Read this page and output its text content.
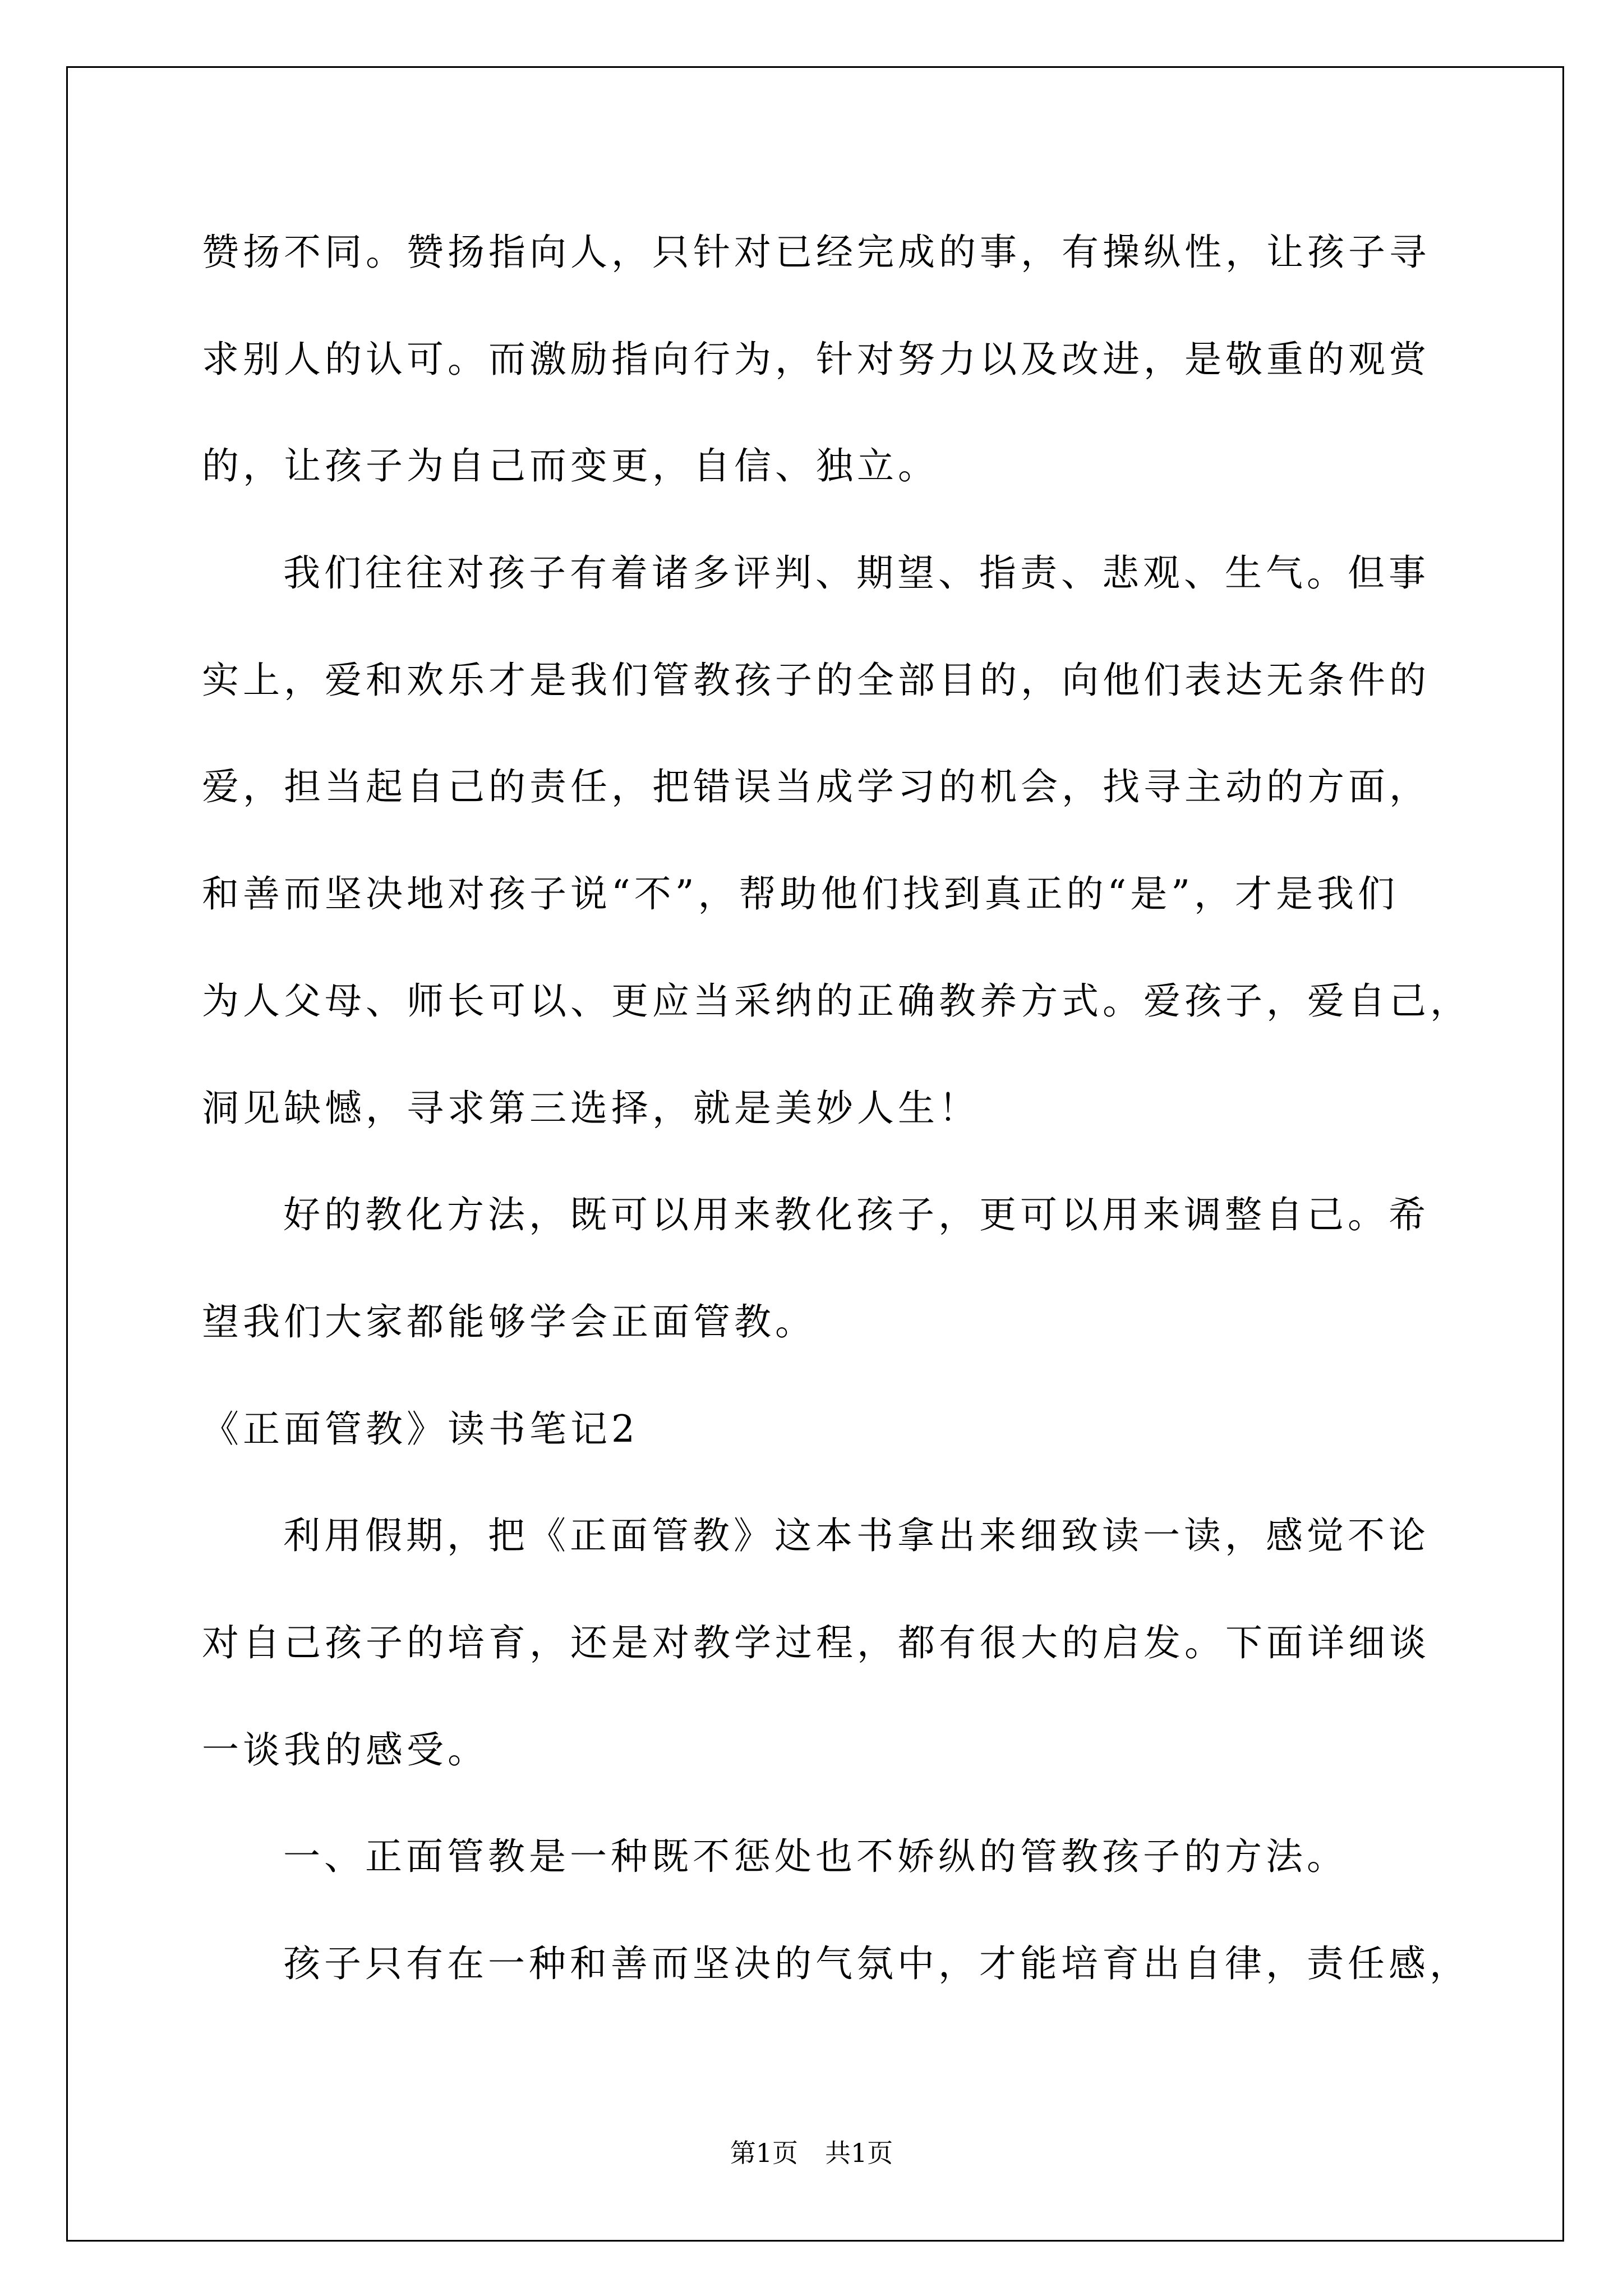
赞扬不同。赞扬指向人，只针对已经完成的事，有操纵性，让孩子寻
求别人的认可。而激励指向行为，针对努力以及改进，是敬重的观赏
的，让孩子为自己而变更，自信、独立。
我们往往对孩子有着诸多评判、期望、指责、悲观、生气。但事
实上，爱和欢乐才是我们管教孩子的全部目的，向他们表达无条件的
爱，担当起自己的责任，把错误当成学习的机会，找寻主动的方面，
和善而坚决地对孩子说“不”，帮助他们找到真正的“是”，才是我们
为人父母、师长可以、更应当采纳的正确教养方式。爱孩子，爱自己，
洞见缺憾，寻求第三选择，就是美妙人生！
好的教化方法，既可以用来教化孩子，更可以用来调整自己。希
望我们大家都能够学会正面管教。
《正面管教》读书笔记2
利用假期，把《正面管教》这本书拿出来细致读一读，感觉不论
对自己孩子的培育，还是对教学过程，都有很大的启发。下面详细谈
一谈我的感受。
一、正面管教是一种既不惩处也不娇纵的管教孩子的方法。
孩子只有在一种和善而坚决的气氛中，才能培育出自律，责任感，
第1页 共1页
